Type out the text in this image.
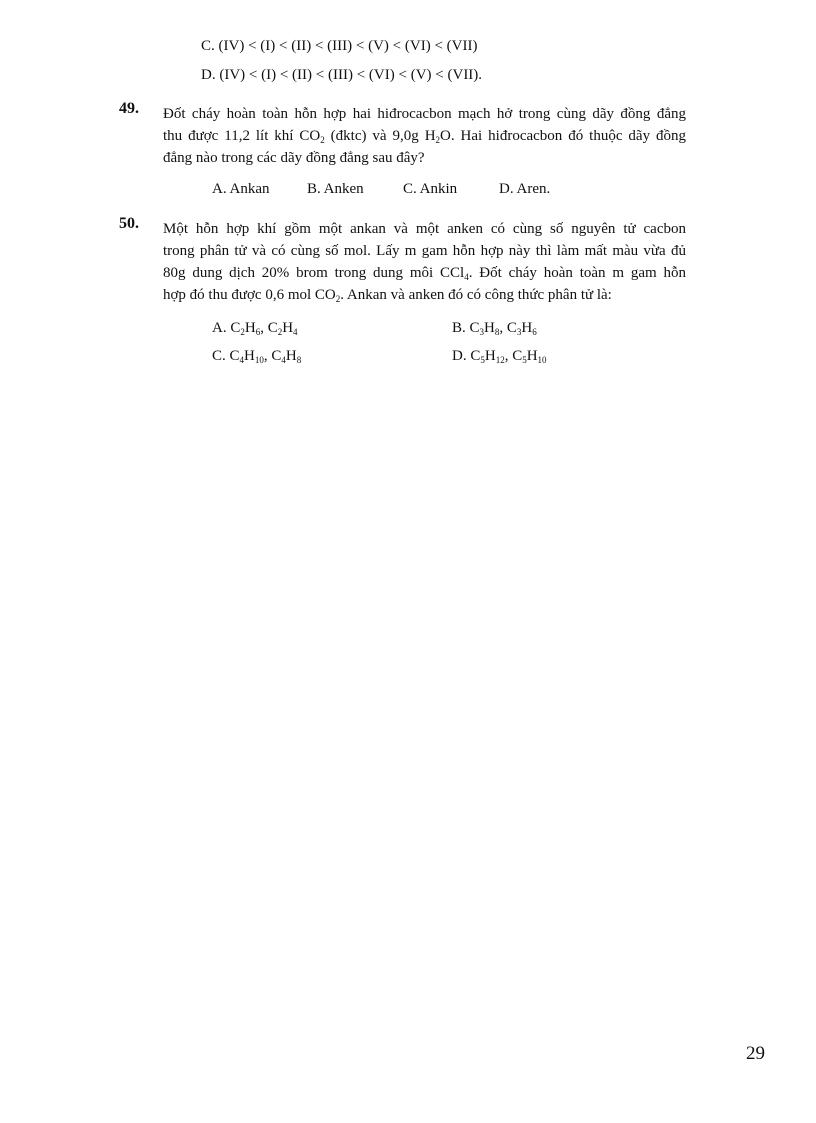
C. (IV) < (I) < (II) < (III) < (V) < (VI) < (VII)
D. (IV) < (I) < (II) < (III) < (VI) < (V) < (VII).
49. Đốt cháy hoàn toàn hỗn hợp hai hiđrocacbon mạch hở trong cùng dãy đồng đẳng
thu được 11,2 lít khí $CO_2$ (đktc) và 9,0g $H_2O$. Hai hiđrocacbon đó thuộc dãy đồng
đẳng nào trong các dãy đồng đẳng sau đây?
A. Ankan	B. Anken	C. Ankin	D. Aren.
50. Một hỗn hợp khí gồm một ankan và một anken có cùng số nguyên tử cacbon
trong phân tử và có cùng số mol. Lấy m gam hỗn hợp này thì làm mất màu vừa đủ
80g dung dịch 20% brom trong dung môi CCl$_4$. Đốt cháy hoàn toàn m gam hỗn
hợp đó thu được 0,6 mol $CO_2$. Ankan và anken đó có công thức phân tử là:
A. $C_2H_6$, $C_2H_4$	B. $C_3H_8$, $C_3H_6$
C. $C_4H_{10}$, $C_4H_8$	D. $C_5H_{12}$, $C_5H_{10}$
29
